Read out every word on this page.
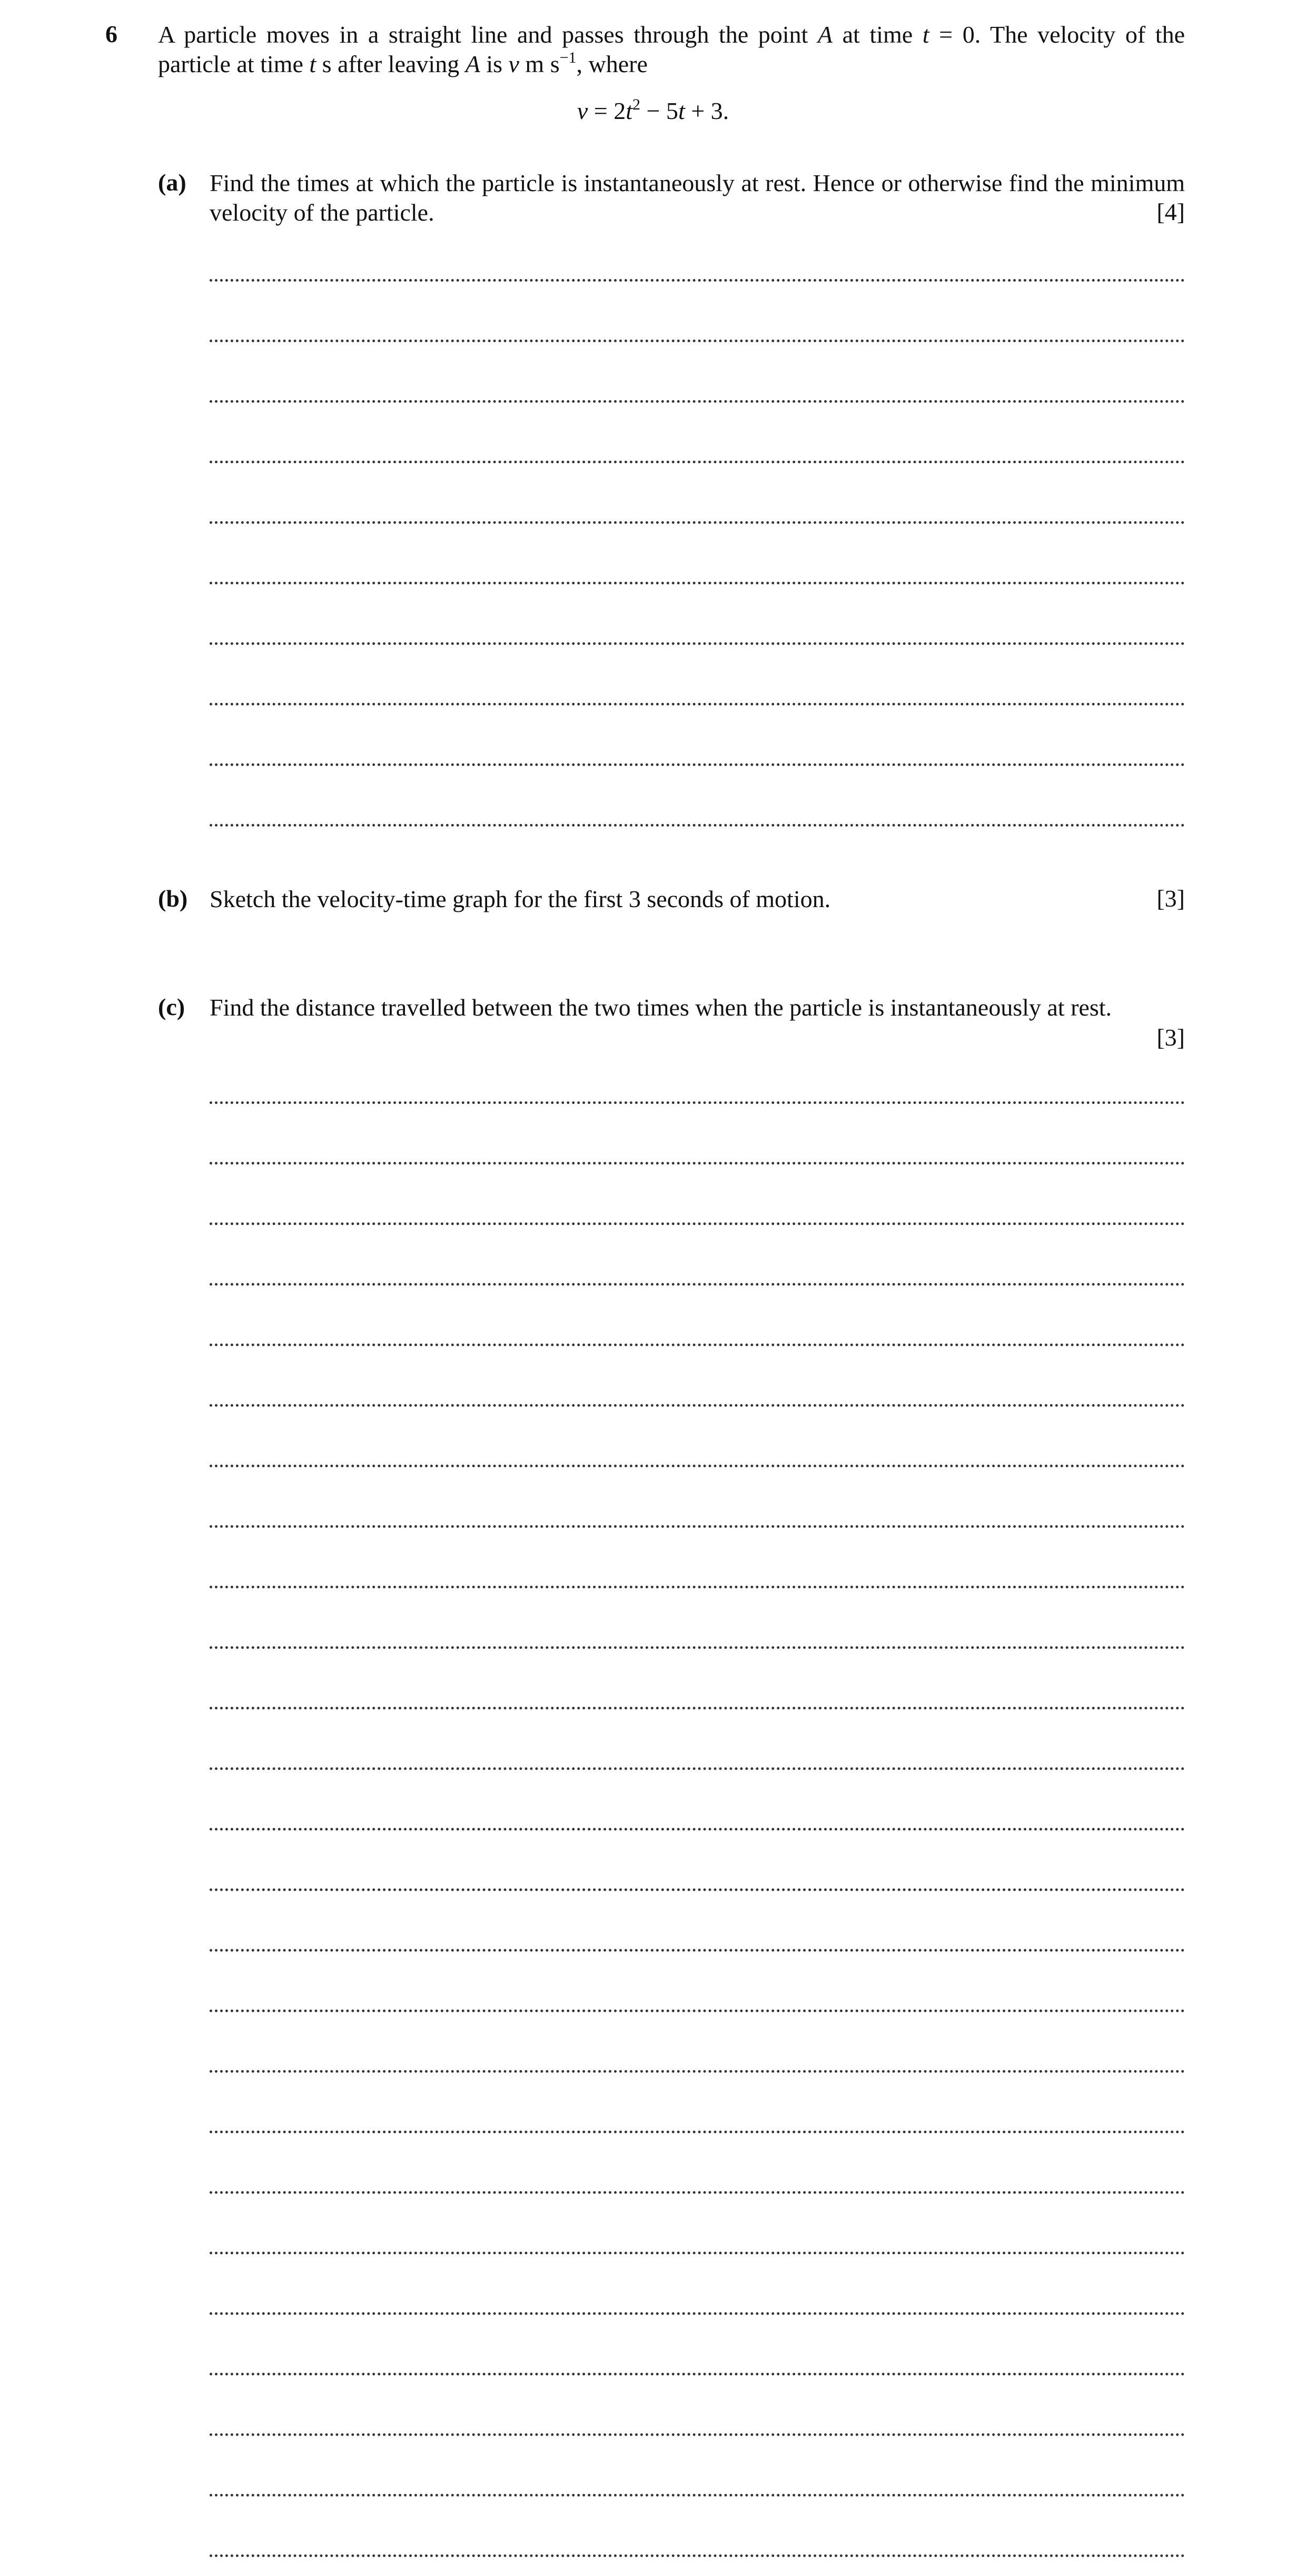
6 A particle moves in a straight line and passes through the point A at time t = 0. The velocity of the particle at time t s after leaving A is v m $s^{-1}$, where
$v = 2t^2 - 5t + 3$.
(a) Find the times at which the particle is instantaneously at rest. Hence or otherwise find the minimum velocity of the particle.	[4]
(b) Sketch the velocity-time graph for the first 3 seconds of motion.	[3]
(c) Find the distance travelled between the two times when the particle is instantaneously at rest.
[3]
